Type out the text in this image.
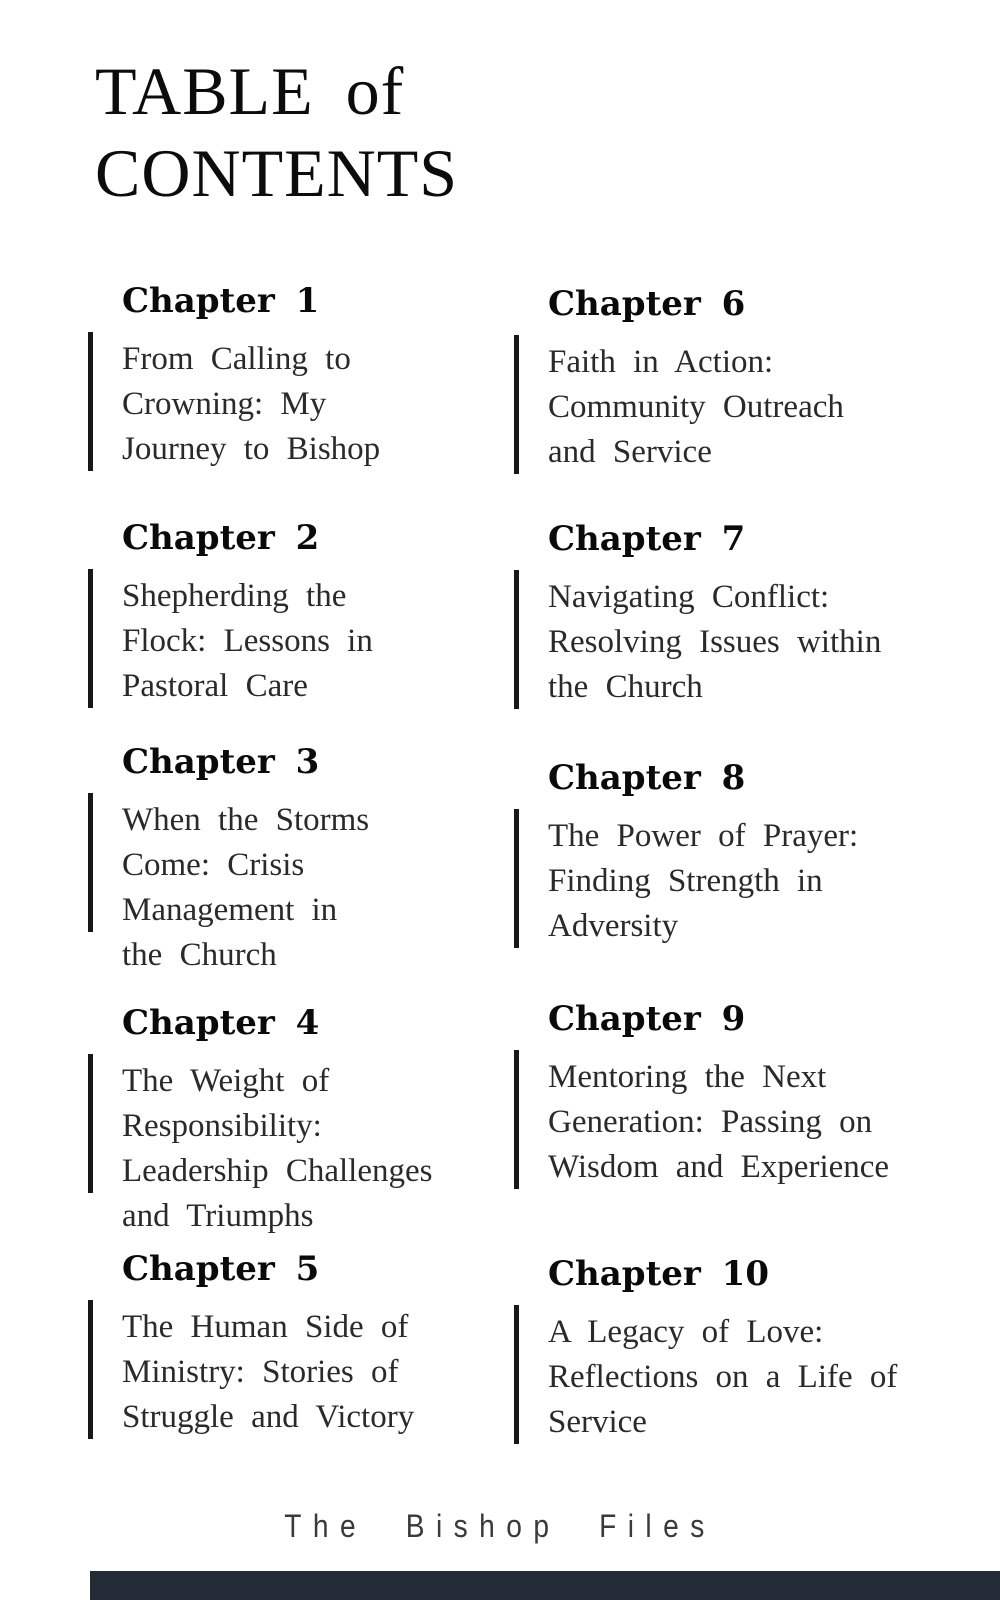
TABLE of
CONTENTS
Chapter 1
From Calling to
Crowning: My
Journey to Bishop
Chapter 2
Shepherding the
Flock: Lessons in
Pastoral Care
Chapter 3
When the Storms
Come: Crisis
Management in
the Church
Chapter 4
The Weight of
Responsibility:
Leadership Challenges
and Triumphs
Chapter 5
The Human Side of
Ministry: Stories of
Struggle and Victory
Chapter 6
Faith in Action:
Community Outreach
and Service
Chapter 7
Navigating Conflict:
Resolving Issues within
the Church
Chapter 8
The Power of Prayer:
Finding Strength in
Adversity
Chapter 9
Mentoring the Next
Generation: Passing on
Wisdom and Experience
Chapter 10
A Legacy of Love:
Reflections on a Life of
Service
The Bishop Files
